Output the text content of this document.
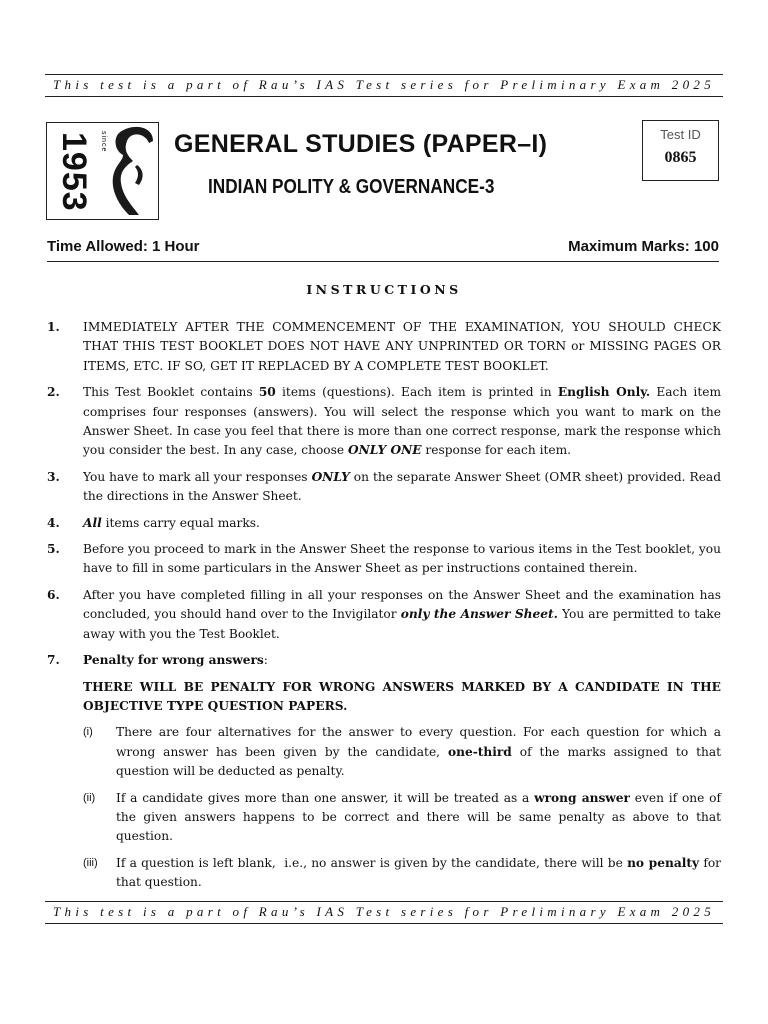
This test is a part of Rau’s IAS Test series for Preliminary Exam 2025
1953 since	GENERAL STUDIES (PAPER–I)
INDIAN POLITY & GOVERNANCE-3
Test ID
0865
Time Allowed: 1 Hour	Maximum Marks: 100
INSTRUCTIONS
1. IMMEDIATELY AFTER THE COMMENCEMENT OF THE EXAMINATION, YOU SHOULD CHECK THAT THIS TEST BOOKLET DOES NOT HAVE ANY UNPRINTED OR TORN or MISSING PAGES OR ITEMS, ETC. IF SO, GET IT REPLACED BY A COMPLETE TEST BOOKLET.
2. This Test Booklet contains 50 items (questions). Each item is printed in English Only. Each item comprises four responses (answers). You will select the response which you want to mark on the Answer Sheet. In case you feel that there is more than one correct response, mark the response which you consider the best. In any case, choose ONLY ONE response for each item.
3. You have to mark all your responses ONLY on the separate Answer Sheet (OMR sheet) provided. Read the directions in the Answer Sheet.
4. All items carry equal marks.
5. Before you proceed to mark in the Answer Sheet the response to various items in the Test booklet, you have to fill in some particulars in the Answer Sheet as per instructions contained therein.
6. After you have completed filling in all your responses on the Answer Sheet and the examination has concluded, you should hand over to the Invigilator only the Answer Sheet. You are permitted to take away with you the Test Booklet.
7. Penalty for wrong answers:
THERE WILL BE PENALTY FOR WRONG ANSWERS MARKED BY A CANDIDATE IN THE OBJECTIVE TYPE QUESTION PAPERS.
(i) There are four alternatives for the answer to every question. For each question for which a wrong answer has been given by the candidate, one-third of the marks assigned to that question will be deducted as penalty.
(ii) If a candidate gives more than one answer, it will be treated as a wrong answer even if one of the given answers happens to be correct and there will be same penalty as above to that question.
(iii) If a question is left blank,  i.e., no answer is given by the candidate, there will be no penalty for that question.
This test is a part of Rau’s IAS Test series for Preliminary Exam 2025
